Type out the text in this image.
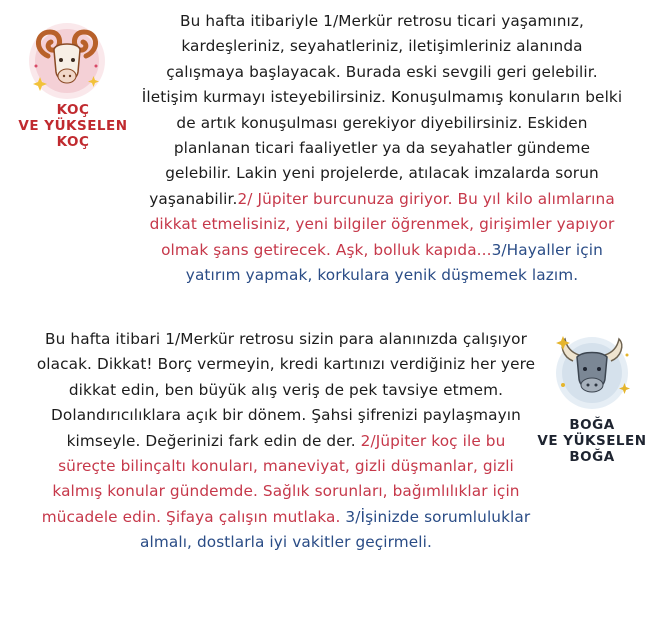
KOÇ
VE YÜKSELEN
KOÇ
Bu hafta itibariyle 1/Merkür retrosu ticari yaşamınız, kardeşleriniz, seyahatleriniz, iletişimleriniz alanında çalışmaya başlayacak. Burada eski sevgili geri gelebilir. İletişim kurmayı isteyebilirsiniz. Konuşulmamış konuların belki de artık konuşulması gerekiyor diyebilirsiniz. Eskiden planlanan ticari faaliyetler ya da seyahatler gündeme gelebilir. Lakin yeni projelerde, atılacak imzalarda sorun yaşanabilir.2/ Jüpiter burcunuza giriyor. Bu yıl kilo alımlarına dikkat etmelisiniz, yeni bilgiler öğrenmek, girişimler yapıyor olmak şans getirecek. Aşk, bolluk kapıda...3/Hayaller için yatırım yapmak, korkulara yenik düşmemek lazım.
Bu hafta itibari 1/Merkür retrosu sizin para alanınızda çalışıyor olacak. Dikkat! Borç vermeyin, kredi kartınızı verdiğiniz her yere dikkat edin, ben büyük alış veriş de pek tavsiye etmem. Dolandırıcılıklara açık bir dönem. Şahsi şifrenizi paylaşmayın kimseyle. Değerinizi fark edin de der. 2/Jüpiter koç ile bu süreçte bilinçaltı konuları, maneviyat, gizli düşmanlar, gizli kalmış konular gündemde. Sağlık sorunları, bağımlılıklar için mücadele edin. Şifaya çalışın mutlaka. 3/İşinizde sorumluluklar almalı, dostlarla iyi vakitler geçirmeli.
BOĞA
VE YÜKSELEN
BOĞA
